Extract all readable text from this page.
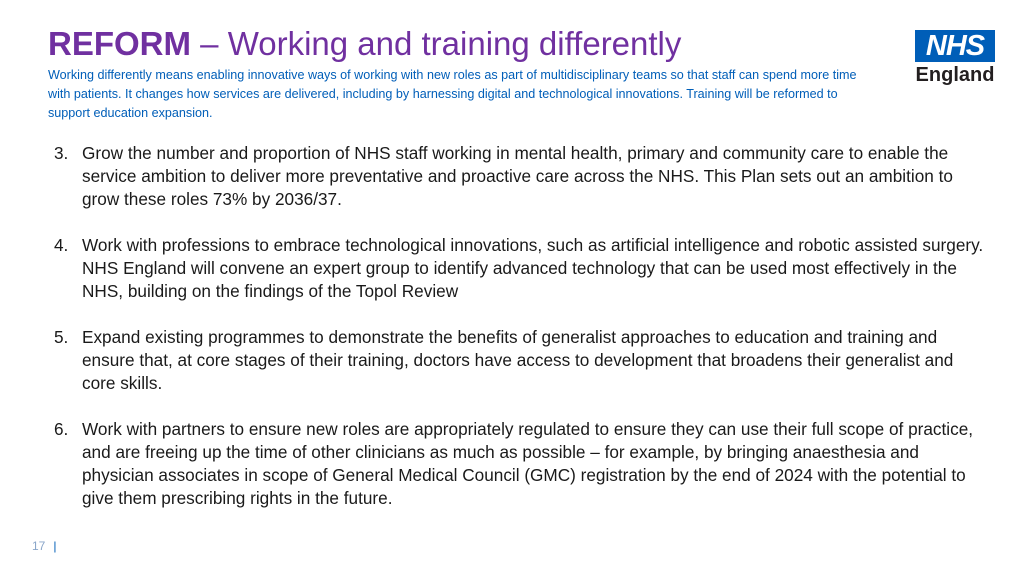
REFORM – Working and training differently

Working differently means enabling innovative ways of working with new roles as part of multidisciplinary teams so that staff can spend more time with patients. It changes how services are delivered, including by harnessing digital and technological innovations. Training will be reformed to support education expansion.

NHS
England
3. Grow the number and proportion of NHS staff working in mental health, primary and community care to enable the service ambition to deliver more preventative and proactive care across the NHS. This Plan sets out an ambition to grow these roles 73% by 2036/37.
4. Work with professions to embrace technological innovations, such as artificial intelligence and robotic assisted surgery. NHS England will convene an expert group to identify advanced technology that can be used most effectively in the NHS, building on the findings of the Topol Review
5. Expand existing programmes to demonstrate the benefits of generalist approaches to education and training and ensure that, at core stages of their training, doctors have access to development that broadens their generalist and core skills.
6. Work with partners to ensure new roles are appropriately regulated to ensure they can use their full scope of practice, and are freeing up the time of other clinicians as much as possible – for example, by bringing anaesthesia and physician associates in scope of General Medical Council (GMC) registration by the end of 2024 with the potential to give them prescribing rights in the future.
17 |
